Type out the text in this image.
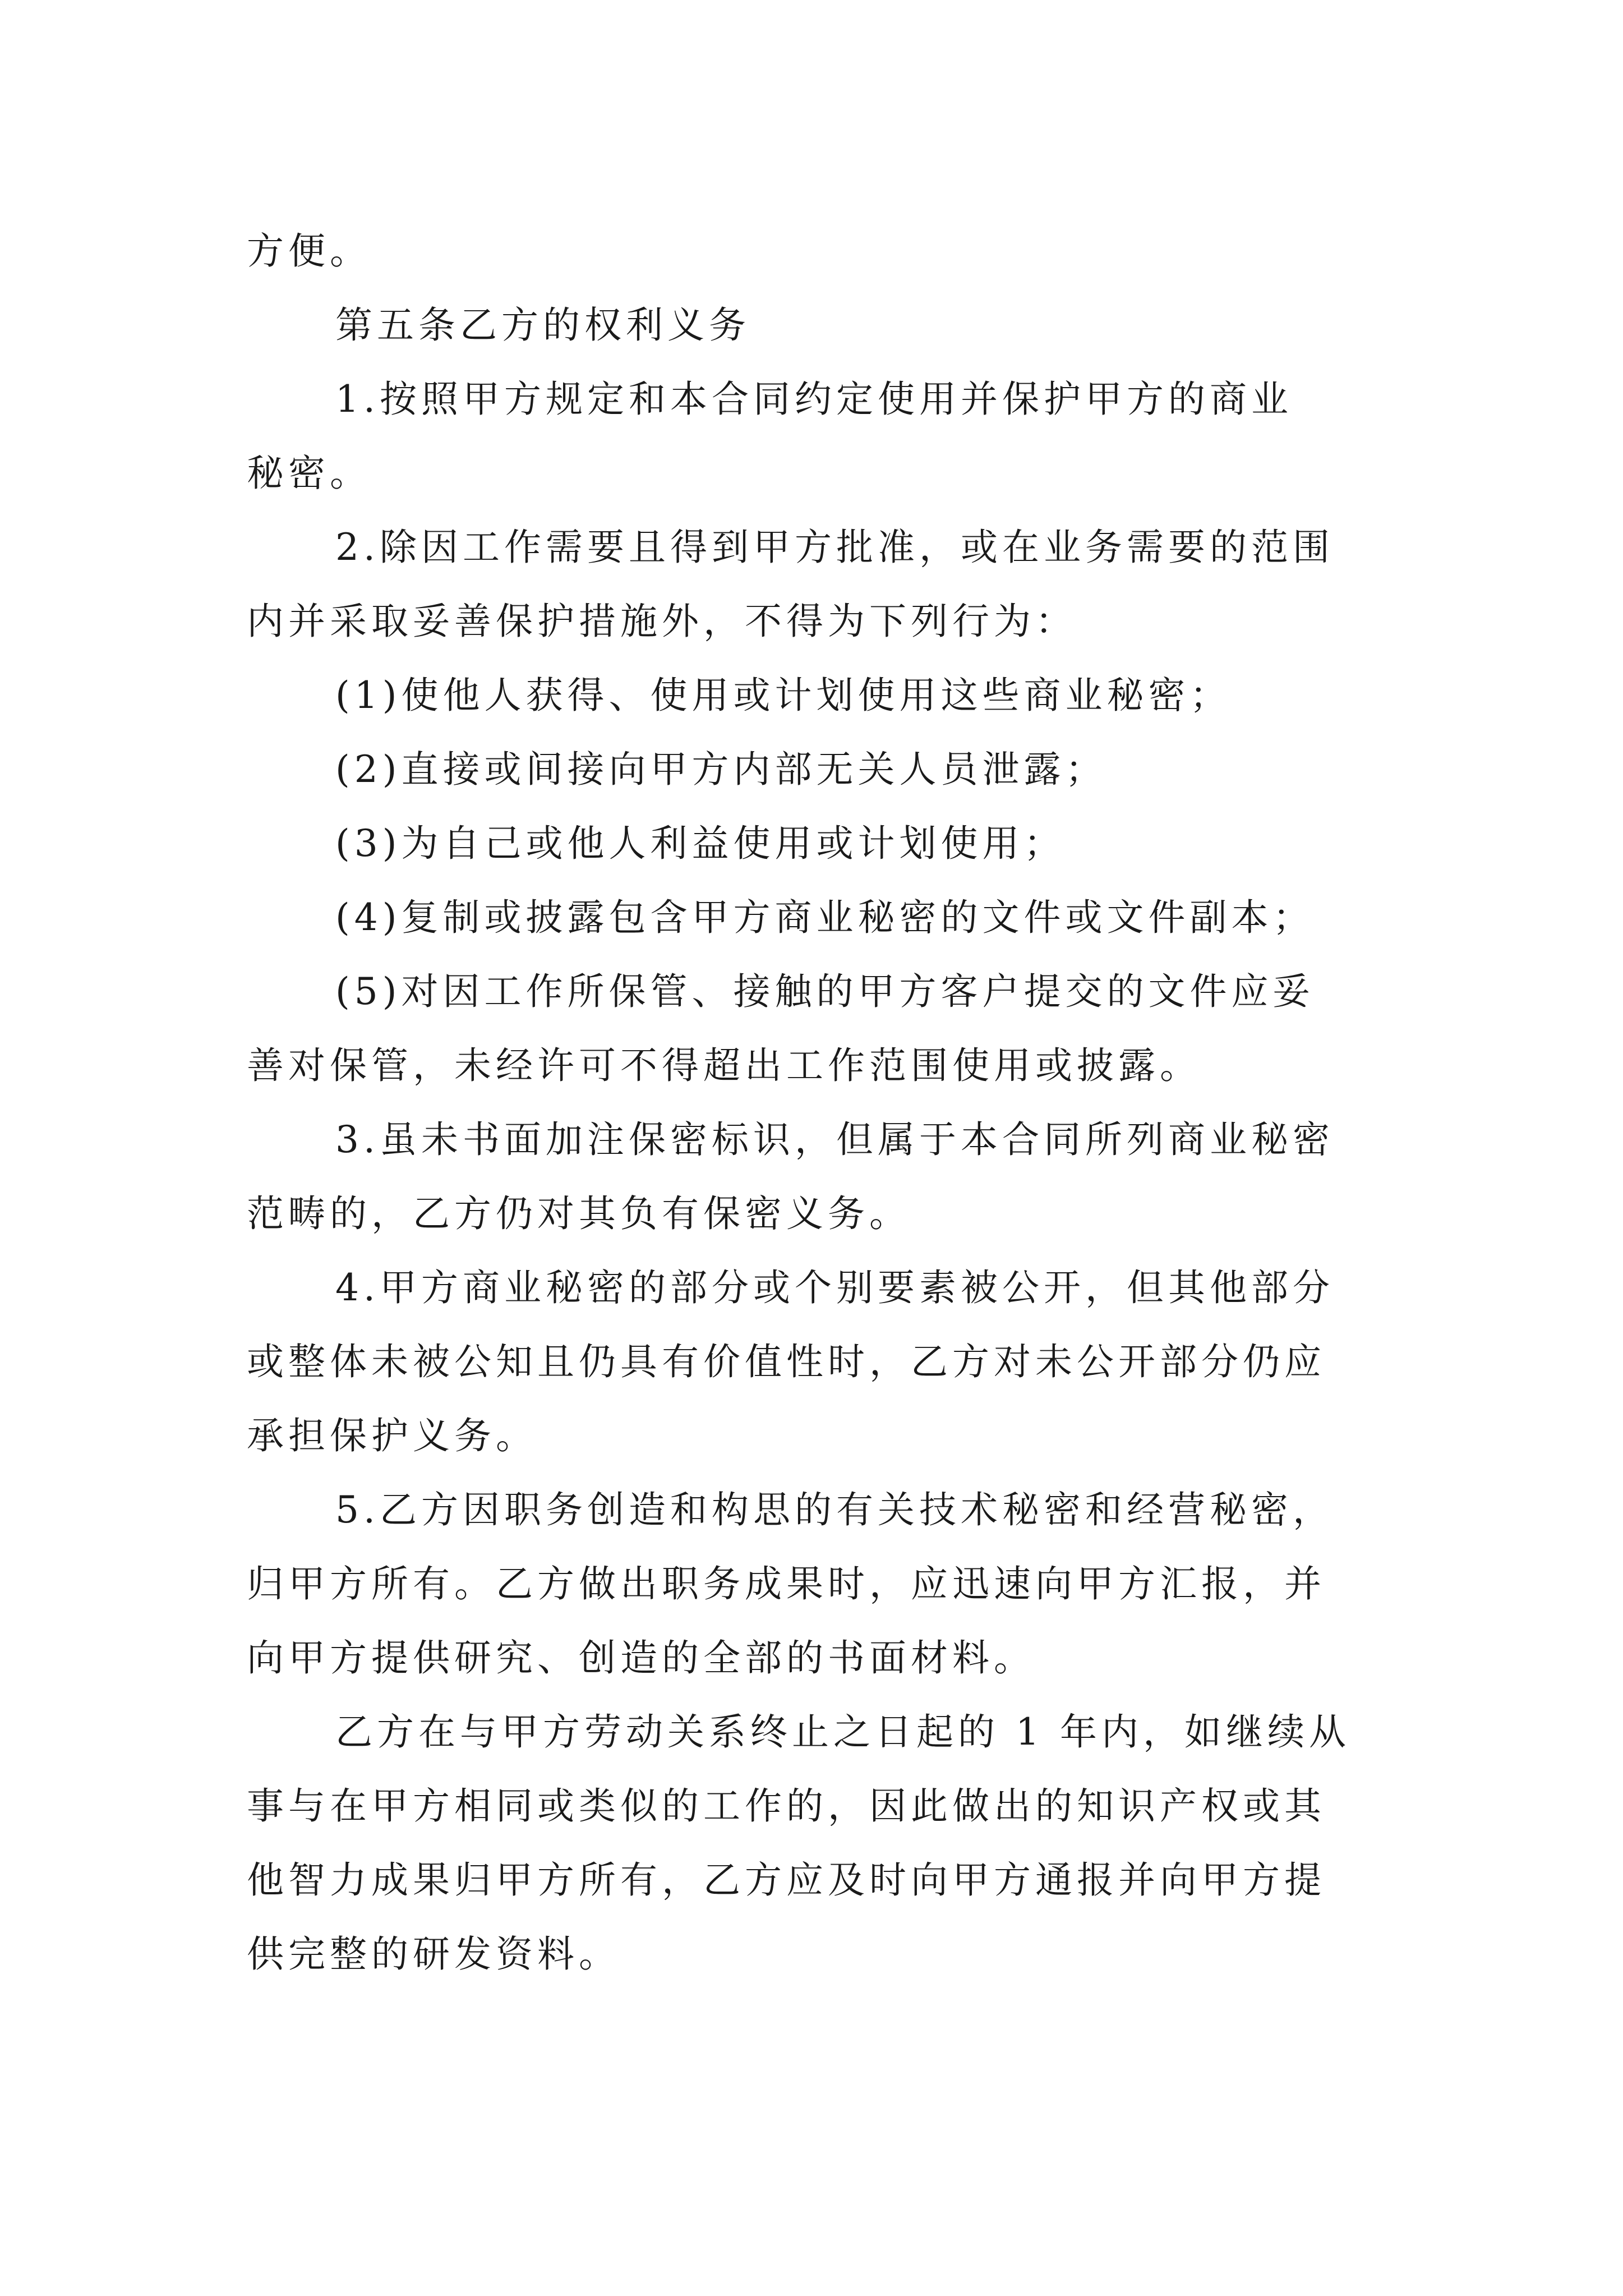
方便。
第五条乙方的权利义务
1.按照甲方规定和本合同约定使用并保护甲方的商业
秘密。
2.除因工作需要且得到甲方批准，或在业务需要的范围
内并采取妥善保护措施外，不得为下列行为：
(1)使他人获得、使用或计划使用这些商业秘密；
(2)直接或间接向甲方内部无关人员泄露；
(3)为自己或他人利益使用或计划使用；
(4)复制或披露包含甲方商业秘密的文件或文件副本；
(5)对因工作所保管、接触的甲方客户提交的文件应妥
善对保管，未经许可不得超出工作范围使用或披露。
3.虽未书面加注保密标识，但属于本合同所列商业秘密
范畴的，乙方仍对其负有保密义务。
4.甲方商业秘密的部分或个别要素被公开，但其他部分
或整体未被公知且仍具有价值性时，乙方对未公开部分仍应
承担保护义务。
5.乙方因职务创造和构思的有关技术秘密和经营秘密，
归甲方所有。乙方做出职务成果时，应迅速向甲方汇报，并
向甲方提供研究、创造的全部的书面材料。
乙方在与甲方劳动关系终止之日起的 1 年内，如继续从
事与在甲方相同或类似的工作的，因此做出的知识产权或其
他智力成果归甲方所有，乙方应及时向甲方通报并向甲方提
供完整的研发资料。
